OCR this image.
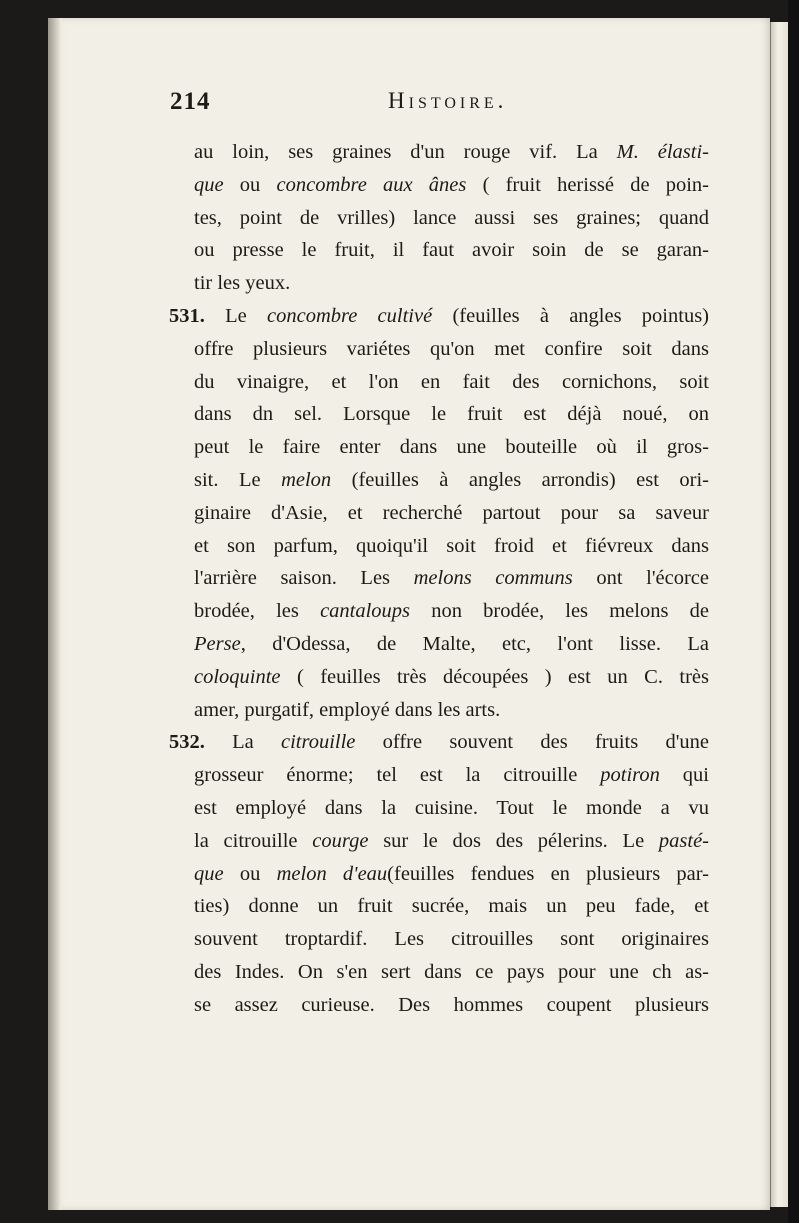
214	Histoire.
au loin, ses graines d'un rouge vif. La M. élasti-
que ou concombre aux ânes ( fruit herissé de poin-
tes, point de vrilles) lance aussi ses graines; quand
ou presse le fruit, il faut avoir soin de se garan-
tir les yeux.
531. Le concombre cultivé (feuilles à angles pointus)
offre plusieurs variétes qu'on met confire soit dans
du vinaigre, et l'on en fait des cornichons, soit
dans dn sel. Lorsque le fruit est déjà noué, on
peut le faire enter dans une bouteille où il gros-
sit. Le melon (feuilles à angles arrondis) est ori-
ginaire d'Asie, et recherché partout pour sa saveur
et son parfum, quoiqu'il soit froid et fiévreux dans
l'arrière saison. Les melons communs ont l'écorce
brodée, les cantaloups non brodée, les melons de
Perse, d'Odessa, de Malte, etc, l'ont lisse. La
coloquinte ( feuilles très découpées ) est un C. très
amer, purgatif, employé dans les arts.
532. La citrouille offre souvent des fruits d'une
grosseur énorme; tel est la citrouille potiron qui
est employé dans la cuisine. Tout le monde a vu
la citrouille courge sur le dos des pélerins. Le pasté-
que ou melon d'eau(feuilles fendues en plusieurs par-
ties) donne un fruit sucrée, mais un peu fade, et
souvent troptardif. Les citrouilles sont originaires
des Indes. On s'en sert dans ce pays pour une ch as-
se assez curieuse. Des hommes coupent plusieurs
